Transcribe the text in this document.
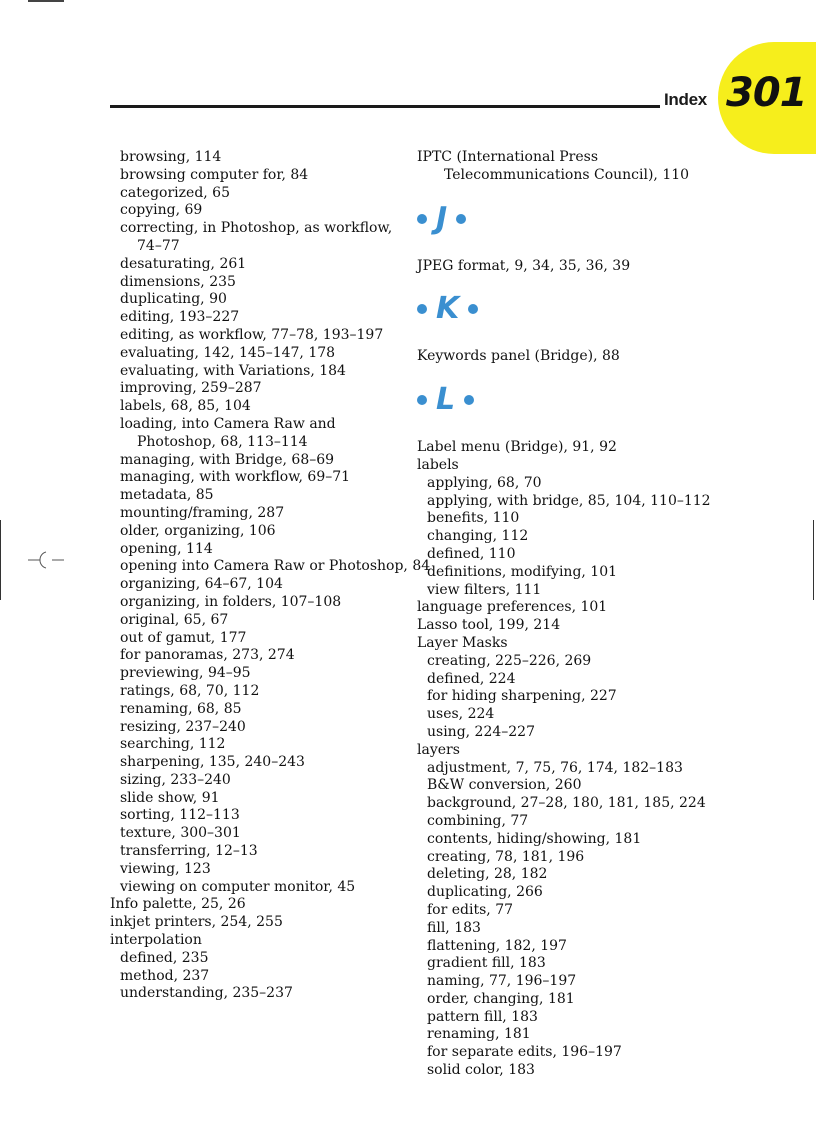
301
Index
browsing, 114
browsing computer for, 84
categorized, 65
copying, 69
correcting, in Photoshop, as workflow, 74–77
desaturating, 261
dimensions, 235
duplicating, 90
editing, 193–227
editing, as workflow, 77–78, 193–197
evaluating, 142, 145–147, 178
evaluating, with Variations, 184
improving, 259–287
labels, 68, 85, 104
loading, into Camera Raw and Photoshop, 68, 113–114
managing, with Bridge, 68–69
managing, with workflow, 69–71
metadata, 85
mounting/framing, 287
older, organizing, 106
opening, 114
opening into Camera Raw or Photoshop, 84
organizing, 64–67, 104
organizing, in folders, 107–108
original, 65, 67
out of gamut, 177
for panoramas, 273, 274
previewing, 94–95
ratings, 68, 70, 112
renaming, 68, 85
resizing, 237–240
searching, 112
sharpening, 135, 240–243
sizing, 233–240
slide show, 91
sorting, 112–113
texture, 300–301
transferring, 12–13
viewing, 123
viewing on computer monitor, 45
Info palette, 25, 26
inkjet printers, 254, 255
interpolation
defined, 235
method, 237
understanding, 235–237
IPTC (International Press Telecommunications Council), 110
J
JPEG format, 9, 34, 35, 36, 39
K
Keywords panel (Bridge), 88
L
Label menu (Bridge), 91, 92
labels
applying, 68, 70
applying, with bridge, 85, 104, 110–112
benefits, 110
changing, 112
defined, 110
definitions, modifying, 101
view filters, 111
language preferences, 101
Lasso tool, 199, 214
Layer Masks
creating, 225–226, 269
defined, 224
for hiding sharpening, 227
uses, 224
using, 224–227
layers
adjustment, 7, 75, 76, 174, 182–183
B&W conversion, 260
background, 27–28, 180, 181, 185, 224
combining, 77
contents, hiding/showing, 181
creating, 78, 181, 196
deleting, 28, 182
duplicating, 266
for edits, 77
fill, 183
flattening, 182, 197
gradient fill, 183
naming, 77, 196–197
order, changing, 181
pattern fill, 183
renaming, 181
for separate edits, 196–197
solid color, 183
